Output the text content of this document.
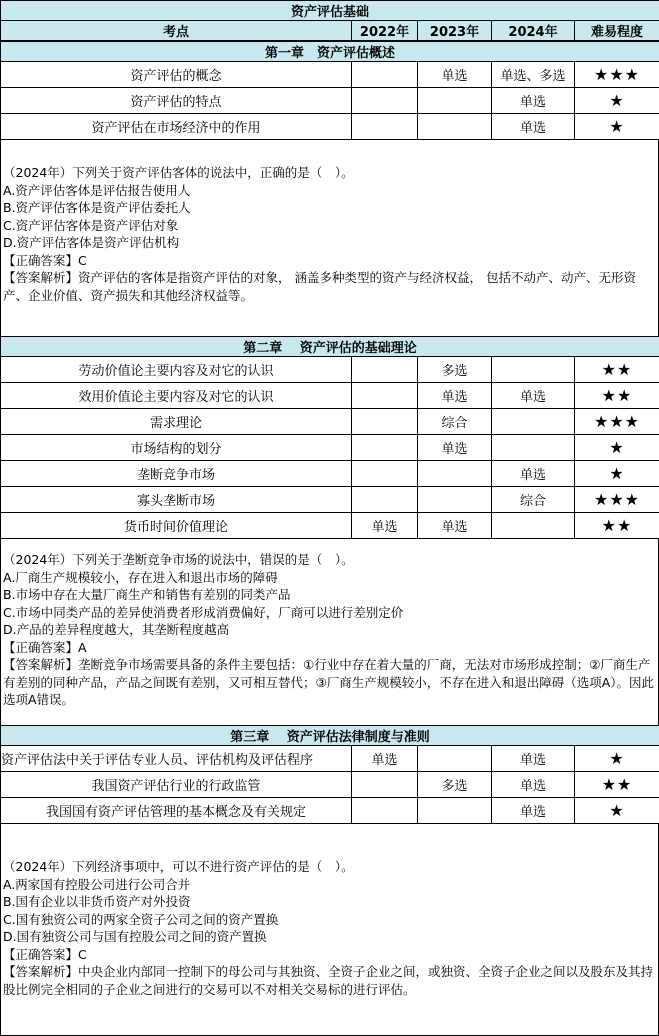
资产评估基础
考点	2022年	2023年	2024年	难易程度
第一章　资产评估概述				
资产评估的概念		单选	单选、多选	★★★
资产评估的特点			单选	★
资产评估在市场经济中的作用			单选	★

（2024年）下列关于资产评估客体的说法中，正确的是（　）。

A.资产评估客体是评估报告使用人

B.资产评估客体是资产评估委托人

C.资产评估客体是资产评估对象

D.资产评估客体是资产评估机构

【正确答案】C

【答案解析】资产评估的客体是指资产评估的对象， 涵盖多种类型的资产与经济权益， 包括不动产、动产、无形资产、企业价值、资产损失和其他经济权益等。

第二章　 资产评估的基础理论				
劳动价值论主要内容及对它的认识		多选		★★
效用价值论主要内容及对它的认识		单选	单选	★★
需求理论		综合		★★★
市场结构的划分		单选		★
垄断竞争市场			单选	★
寡头垄断市场			综合	★★★
货币时间价值理论	单选	单选		★★

（2024年）下列关于垄断竞争市场的说法中，错误的是（　）。

A.厂商生产规模较小，存在进入和退出市场的障碍

B.市场中存在大量厂商生产和销售有差别的同类产品

C.市场中同类产品的差异使消费者形成消费偏好，厂商可以进行差别定价

D.产品的差异程度越大，其垄断程度越高

【正确答案】A

【答案解析】垄断竞争市场需要具备的条件主要包括：①行业中存在着大量的厂商，无法对市场形成控制；②厂商生产有差别的同种产品，产品之间既有差别，又可相互替代；③厂商生产规模较小，不存在进入和退出障碍（选项A）。因此选项A错误。

第三章　 资产评估法律制度与准则				
资产评估法中关于评估专业人员、评估机构及评估程序	单选		单选	★
我国资产评估行业的行政监管		多选	单选	★★
我国国有资产评估管理的基本概念及有关规定			单选	★

（2024年）下列经济事项中，可以不进行资产评估的是（　）。

A.两家国有控股公司进行公司合并

B.国有企业以非货币资产对外投资

C.国有独资公司的两家全资子公司之间的资产置换

D.国有独资公司与国有控股公司之间的资产置换

【正确答案】C

【答案解析】中央企业内部同一控制下的母公司与其独资、全资子企业之间，或独资、全资子企业之间以及股东及其持股比例完全相同的子企业之间进行的交易可以不对相关交易标的进行评估。
